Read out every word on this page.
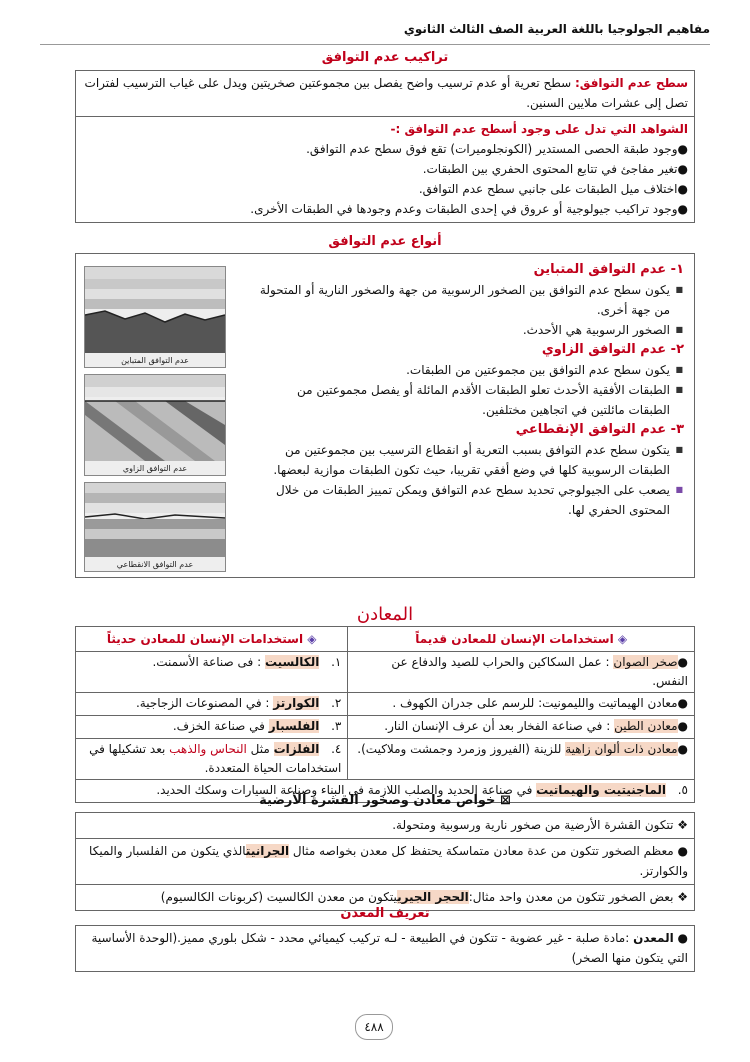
مفاهيم الجولوجيا باللغة العربية الصف الثالث الثانوي
تراكيب عدم التوافق
سطح عدم التوافق: سطح تعرية أو عدم ترسيب واضح يفصل بين مجموعتين صخريتين ويدل على غياب الترسيب لفترات تصل إلى عشرات ملايين السنين.
الشواهد التي تدل على وجود أسطح عدم التوافق :-
●وجود طبقة الحصى المستدير (الكونجلوميرات) تقع فوق سطح عدم التوافق.
●تغير مفاجئ في تتابع المحتوى الحفري بين الطبقات.
●اختلاف ميل الطبقات على جانبي سطح عدم التوافق.
●وجود تراكيب جيولوجية أو عروق في إحدى الطبقات وعدم وجودها في الطبقات الأخرى.
أنواع عدم التوافق
١- عدم التوافق المتباين
■ يكون سطح عدم التوافق بين الصخور الرسوبية من جهة والصخور النارية أو المتحولة من جهة أخرى.
■ الصخور الرسوبية هي الأحدث.
٢- عدم التوافق الزاوي
■ يكون سطح عدم التوافق بين مجموعتين من الطبقات.
■ الطبقات الأفقية الأحدث تعلو الطبقات الأقدم المائلة أو يفصل مجموعتين من الطبقات مائلتين في اتجاهين مختلفين.
٣- عدم التوافق الإنقطاعي
■ يتكون سطح عدم التوافق بسبب التعرية أو انقطاع الترسيب بين مجموعتين من الطبقات الرسوبية كلها في وضع أفقي تقريبا، حيث تكون الطبقات موازية لبعضها.
■ يصعب على الجيولوجي تحديد سطح عدم التوافق ويمكن تمييز الطبقات من خلال المحتوى الحفري لها.
عدم التوافق المتباين
عدم التوافق الزاوي
عدم التوافق الانقطاعي
المعادن
◈ استخدامات الإنسان للمعادن قديماً	◈ استخدامات الإنسان للمعادن حديثاً
●صخر الصوان : عمل السكاكين والحراب للصيد والدفاع عن النفس.	١.الكالسيت : فى صناعة الأسمنت.
●معادن الهيماتيت والليمونيت: للرسم على جدران الكهوف .	٢.الكوارتز : في المصنوعات الزجاجية.
●معادن الطين : في صناعة الفخار بعد أن عرف الإنسان النار.	٣.الفلسبار في صناعة الخزف.
●معادن ذات ألوان زاهية للزينة (الفيروز وزمرد وجمشت وملاكيت).	٤.الفلزات مثل النحاس والذهب بعد تشكيلها في استخدامات الحياة المتعددة.
٥.الماجنيتيت والهيماتيت في صناعة الحديد والصلب اللازمة في البناء وصناعة السيارات وسكك الحديد.	
⊠ خواص معادن وصخور القشرة الأرضية
❖ تتكون القشرة الأرضية من صخور نارية ورسوبية ومتحولة.
● معظم الصخور تتكون من عدة معادن متماسكة يحتفظ كل معدن بخواصه مثال الجرانيتالذي يتكون من الفلسبار والميكا والكوارتز.
❖ بعض الصخور تتكون من معدن واحد مثال:الحجر الجيرييتكون من معدن الكالسيت (كربونات الكالسيوم)
تعريف المعدن
● المعدن :مادة صلبة - غير عضوية - تتكون في الطبيعة - لـه تركيب كيميائي محدد - شكل بلوري مميز.(الوحدة الأساسية التي يتكون منها الصخر)
٤٨٨
